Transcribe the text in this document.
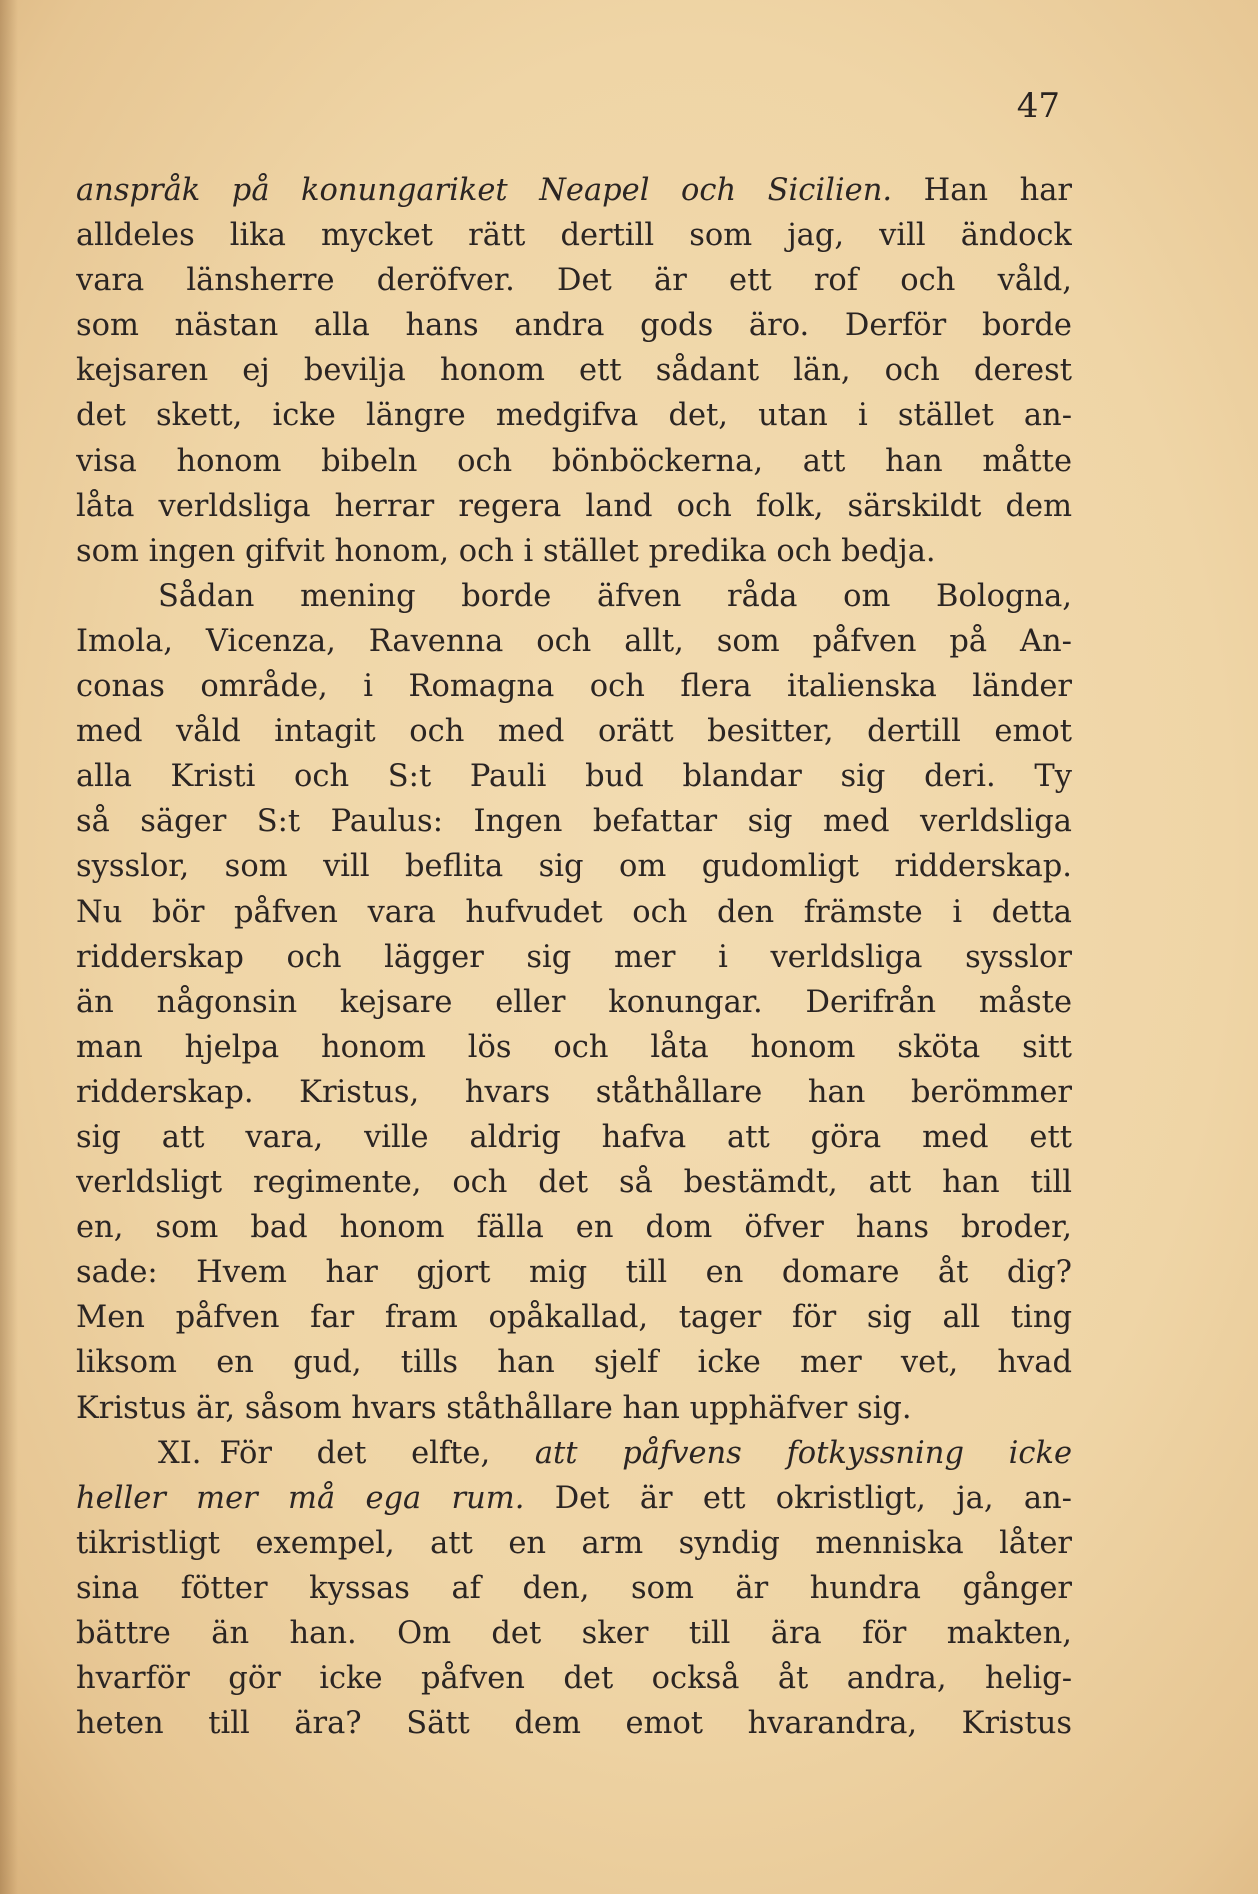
47
anspråk på konungariket Neapel och Sicilien. Han har
alldeles lika mycket rätt dertill som jag, vill ändock
vara länsherre deröfver. Det är ett rof och våld,
som nästan alla hans andra gods äro. Derför borde
kejsaren ej bevilja honom ett sådant län, och derest
det skett, icke längre medgifva det, utan i stället an-
visa honom bibeln och bönböckerna, att han måtte
låta verldsliga herrar regera land och folk, särskildt dem
som ingen gifvit honom, och i stället predika och bedja.
Sådan mening borde äfven råda om Bologna,
Imola, Vicenza, Ravenna och allt, som påfven på An-
conas område, i Romagna och flera italienska länder
med våld intagit och med orätt besitter, dertill emot
alla Kristi och S:t Pauli bud blandar sig deri. Ty
så säger S:t Paulus: Ingen befattar sig med verldsliga
sysslor, som vill beflita sig om gudomligt ridderskap.
Nu bör påfven vara hufvudet och den främste i detta
ridderskap och lägger sig mer i verldsliga sysslor
än någonsin kejsare eller konungar. Derifrån måste
man hjelpa honom lös och låta honom sköta sitt
ridderskap. Kristus, hvars ståthållare han berömmer
sig att vara, ville aldrig hafva att göra med ett
verldsligt regimente, och det så bestämdt, att han till
en, som bad honom fälla en dom öfver hans broder,
sade: Hvem har gjort mig till en domare åt dig?
Men påfven far fram opåkallad, tager för sig all ting
liksom en gud, tills han sjelf icke mer vet, hvad
Kristus är, såsom hvars ståthållare han upphäfver sig.
XI. För det elfte, att påfvens fotkyssning icke
heller mer må ega rum. Det är ett okristligt, ja, an-
tikristligt exempel, att en arm syndig menniska låter
sina fötter kyssas af den, som är hundra gånger
bättre än han. Om det sker till ära för makten,
hvarför gör icke påfven det också åt andra, helig-
heten till ära? Sätt dem emot hvarandra, Kristus
